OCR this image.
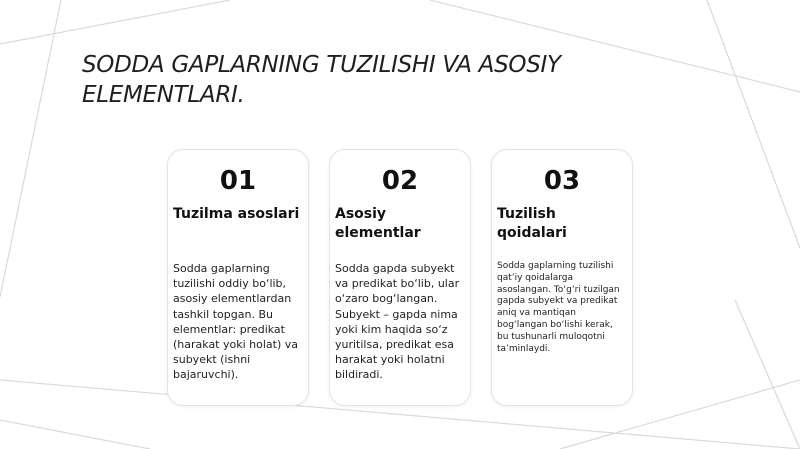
SODDA GAPLARNING TUZILISHI VA ASOSIY ELEMENTLARI.
01
Tuzilma asoslari
Sodda gaplarning tuzilishi oddiy bo‘lib, asosiy elementlardan tashkil topgan. Bu elementlar: predikat (harakat yoki holat) va subyekt (ishni bajaruvchi).
02
Asosiy elementlar
Sodda gapda subyekt va predikat bo‘lib, ular o‘zaro bog‘langan. Subyekt – gapda nima yoki kim haqida so‘z yuritilsa, predikat esa harakat yoki holatni bildiradi.
03
Tuzilish qoidalari
Sodda gaplarning tuzilishi qat’iy qoidalarga asoslangan. To‘g‘ri tuzilgan gapda subyekt va predikat aniq va mantiqan bog‘langan bo‘lishi kerak, bu tushunarli muloqotni ta’minlaydi.
